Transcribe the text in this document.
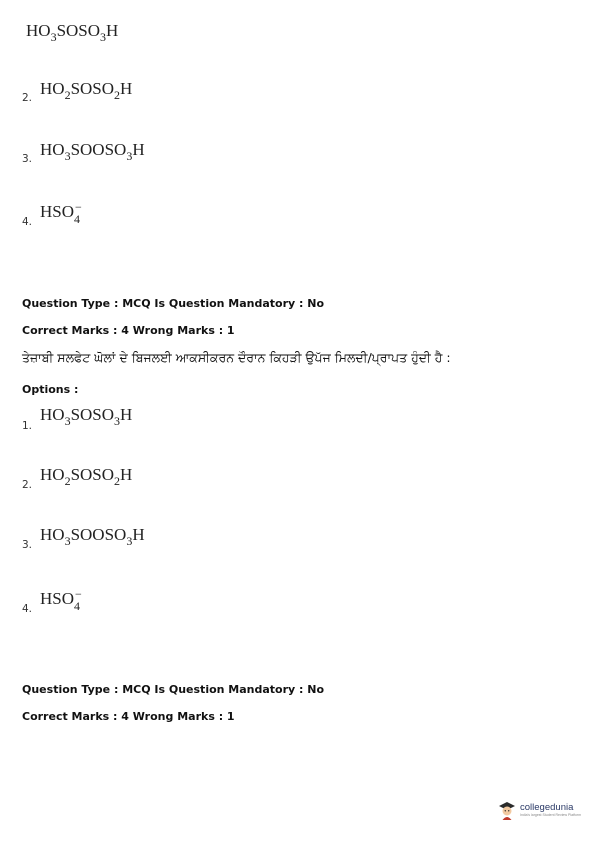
$HO_3SOSO_3H$
2. $HO_2SOSO_2H$
3. $HO_3SOOSO_3H$
4.
HSO −
4
Question Type : MCQ Is Question Mandatory : No
Correct Marks : 4 Wrong Marks : 1
ਤੇਜ਼ਾਬੀ ਸਲਫੇਟ ਘੋਲਾਂ ਦੇ ਬਿਜਲਈ ਆਕਸੀਕਰਨ ਦੌਰਾਨ ਕਿਹੜੀ ਉਪੱਜ ਮਿਲਦੀ/ਪ੍ਰਾਪਤ ਹੁੰਦੀ ਹੈ :
Options :
1.
$HO_3SOSO_3H$
2.
$HO_2SOSO_2H$
3.
$HO_3SOOSO_3H$
4.
HSO −
4
Question Type : MCQ Is Question Mandatory : No
Correct Marks : 4 Wrong Marks : 1
collegedunia
India's largest Student Review Platform
